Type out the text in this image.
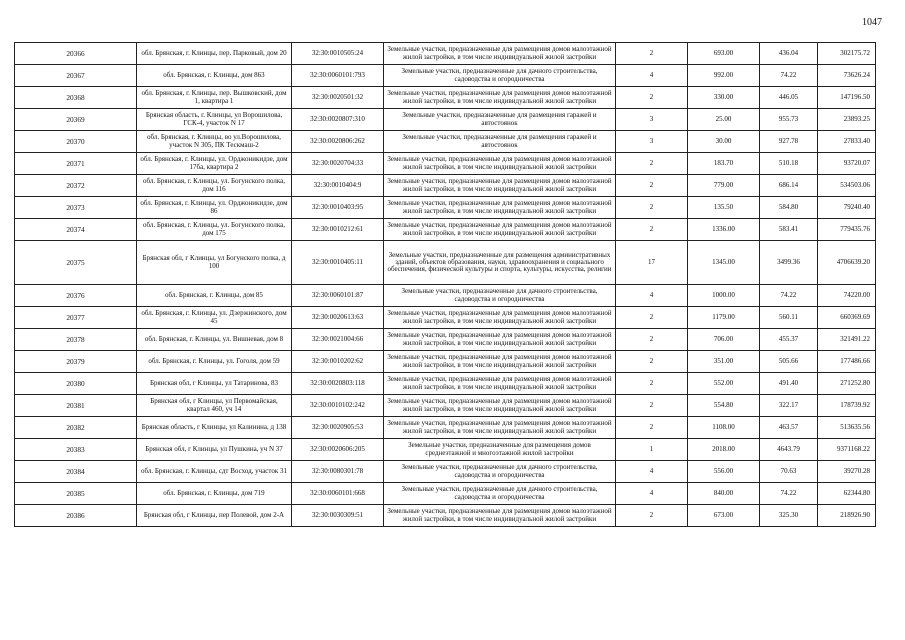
1047
20366	обл. Брянская, г. Клинцы, пер. Парковый, дом 20	32:30:0010505:24	Земельные участки, предназначенные для размещения домов малоэтажной жилой застройки, в том числе индивидуальной жилой застройки	2	693.00	436.04	302175.72
20367	обл. Брянская, г. Клинцы, дом 863	32:30:0060101:793	Земельные участки, предназначенные для дачного строительства, садоводства и огородничества	4	992.00	74.22	73626.24
20368	обл. Брянская, г. Клинцы, пер. Вышковский, дом 1, квартира 1	32:30:0020501:32	Земельные участки, предназначенные для размещения домов малоэтажной жилой застройки, в том числе индивидуальной жилой застройки	2	330.00	446.05	147196.50
20369	Брянская область, г. Клинцы, ул Ворошилова, ГСК-4, участок N 17	32:30:0020807:310	Земельные участки, предназначенные для размещения гаражей и автостоянок	3	25.00	955.73	23893.25
20370	обл. Брянская, г. Клинцы, во ул.Ворошилова, участок N 305, ПК Тескмаш-2	32:30:0020806:262	Земельные участки, предназначенные для размещения гаражей и автостоянок	3	30.00	927.78	27833.40
20371	обл. Брянская, г. Клинцы, ул. Орджоникидзе, дом 17ба, квартира 2	32:30:0020704:33	Земельные участки, предназначенные для размещения домов малоэтажной жилой застройки, в том числе индивидуальной жилой застройки	2	183.70	510.18	93720.07
20372	обл. Брянская, г. Клинцы, ул. Богунского полка, дом 116	32:30:0010404:9	Земельные участки, предназначенные для размещения домов малоэтажной жилой застройки, в том числе индивидуальной жилой застройки	2	779.00	686.14	534503.06
20373	обл. Брянская, г. Клинцы, ул. Орджоникидзе, дом 86	32:30:0010403:95	Земельные участки, предназначенные для размещения домов малоэтажной жилой застройки, в том числе индивидуальной жилой застройки	2	135.50	584.80	79240.40
20374	обл. Брянская, г. Клинцы, ул. Богунского полка, дом 175	32:30:0010212:61	Земельные участки, предназначенные для размещения домов малоэтажной жилой застройки, в том числе индивидуальной жилой застройки	2	1336.00	583.41	779435.76
20375	Брянская обл, г Клинцы, ул Богунского полка, д 100	32:30:0010405:11	Земельные участки, предназначенные для размещения административных зданий, объектов образования, науки, здравоохранения и социального обеспечения, физической культуры и спорта, культуры, искусства, религии	17	1345.00	3499.36	4706639.20
20376	обл. Брянская, г. Клинцы, дом 85	32:30:0060101:87	Земельные участки, предназначенные для дачного строительства, садоводства и огородничества	4	1000.00	74.22	74220.00
20377	обл. Брянская, г. Клинцы, ул. Дзержинского, дом 45	32:30:0020613:63	Земельные участки, предназначенные для размещения домов малоэтажной жилой застройки, в том числе индивидуальной жилой застройки	2	1179.00	560.11	660369.69
20378	обл. Брянская, г. Клинцы, ул. Вишневая, дом 8	32:30:0021004:66	Земельные участки, предназначенные для размещения домов малоэтажной жилой застройки, в том числе индивидуальной жилой застройки	2	706.00	455.37	321491.22
20379	обл. Брянская, г. Клинцы, ул. Гоголя, дом 59	32:30:0010202:62	Земельные участки, предназначенные для размещения домов малоэтажной жилой застройки, в том числе индивидуальной жилой застройки	2	351.00	505.66	177486.66
20380	Брянская обл, г Клинцы, ул Татаринова, 83	32:30:0020803:118	Земельные участки, предназначенные для размещения домов малоэтажной жилой застройки, в том числе индивидуальной жилой застройки	2	552.00	491.40	271252.80
20381	Брянская обл, г Клинцы, ул Первомайская, квартал 460, уч 14	32:30:0010102:242	Земельные участки, предназначенные для размещения домов малоэтажной жилой застройки, в том числе индивидуальной жилой застройки	2	554.80	322.17	178739.92
20382	Брянская область, г Клинцы, ул Калинина, д 138	32:30:0020905:53	Земельные участки, предназначенные для размещения домов малоэтажной жилой застройки, в том числе индивидуальной жилой застройки	2	1108.00	463.57	513635.56
20383	Брянская обл, г Клинцы, ул Пушкина, уч N 37	32:30:0020606:205	Земельные участки, предназначенные для размещения домов среднеэтажной и многоэтажной жилой застройки	1	2018.00	4643.79	9371168.22
20384	обл. Брянская, г. Клинцы, сдт Восход, участок 31	32:30:0080301:78	Земельные участки, предназначенные для дачного строительства, садоводства и огородничества	4	556.00	70.63	39270.28
20385	обл. Брянская, г. Клинцы, дом 719	32:30:0060101:668	Земельные участки, предназначенные для дачного строительства, садоводства и огородничества	4	840.00	74.22	62344.80
20386	Брянская обл, г Клинцы, пер Полевой, дом 2-А	32:30:0030309:51	Земельные участки, предназначенные для размещения домов малоэтажной жилой застройки, в том числе индивидуальной жилой застройки	2	673.00	325.30	218926.90
